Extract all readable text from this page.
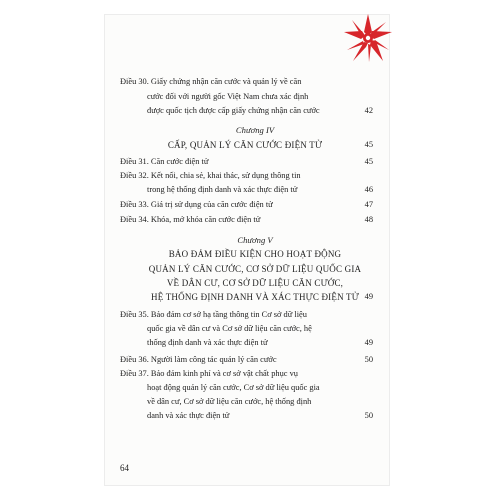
Điều 30. Giấy chứng nhận căn cước và quản lý về căn
cước đối với người gốc Việt Nam chưa xác định
được quốc tịch được cấp giấy chứng nhận căn cước	42
Chương IV
CẤP, QUẢN LÝ CĂN CƯỚC ĐIỆN TỬ	45
Điều 31. Căn cước điện tử	45
Điều 32. Kết nối, chia sẻ, khai thác, sử dụng thông tin
trong hệ thống định danh và xác thực điện tử	46
Điều 33. Giá trị sử dụng của căn cước điện tử	47
Điều 34. Khóa, mở khóa căn cước điện tử	48
Chương V
BẢO ĐẢM ĐIỀU KIỆN CHO HOẠT ĐỘNG
QUẢN LÝ CĂN CƯỚC, CƠ SỞ DỮ LIỆU QUỐC GIA
VỀ DÂN CƯ, CƠ SỞ DỮ LIỆU CĂN CƯỚC,
HỆ THỐNG ĐỊNH DANH VÀ XÁC THỰC ĐIỆN TỬ 49
Điều 35. Bảo đảm cơ sở hạ tầng thông tin Cơ sở dữ liệu
quốc gia về dân cư và Cơ sở dữ liệu căn cước, hệ
thống định danh và xác thực điện tử	49
Điều 36. Người làm công tác quản lý căn cước	50
Điều 37. Bảo đảm kinh phí và cơ sở vật chất phục vụ
hoạt động quản lý căn cước, Cơ sở dữ liệu quốc gia
về dân cư, Cơ sở dữ liệu căn cước, hệ thống định
danh và xác thực điện tử	50
64
